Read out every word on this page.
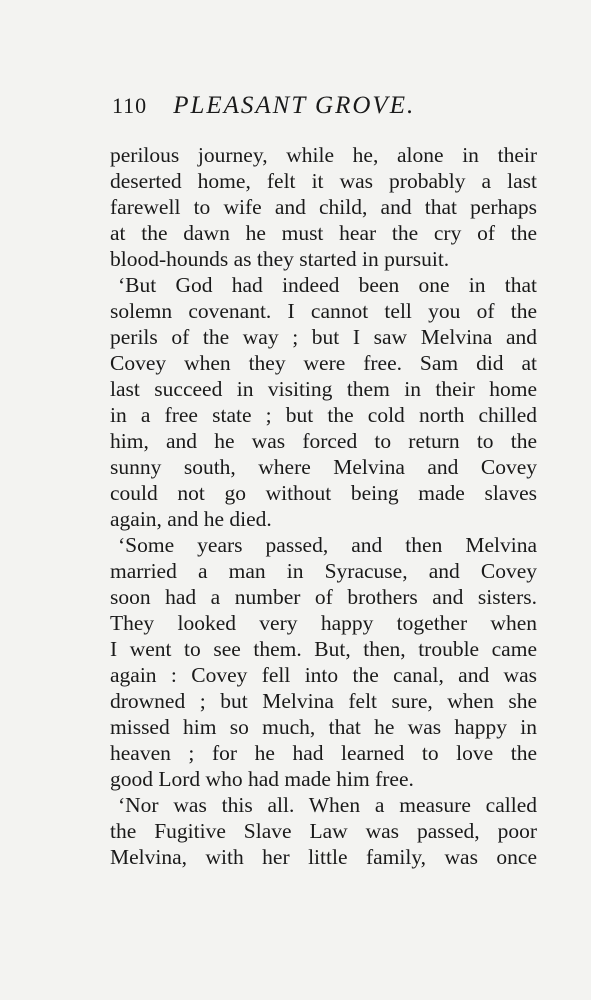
110 PLEASANT GROVE.
perilous journey, while he, alone in their
deserted home, felt it was probably a last
farewell to wife and child, and that perhaps
at the dawn he must hear the cry of the
blood-hounds as they started in pursuit.
‘But God had indeed been one in that
solemn covenant. I cannot tell you of the
perils of the way ; but I saw Melvina and
Covey when they were free. Sam did at
last succeed in visiting them in their home
in a free state ; but the cold north chilled
him, and he was forced to return to the
sunny south, where Melvina and Covey
could not go without being made slaves
again, and he died.
‘Some years passed, and then Melvina
married a man in Syracuse, and Covey
soon had a number of brothers and sisters.
They looked very happy together when
I went to see them. But, then, trouble came
again : Covey fell into the canal, and was
drowned ; but Melvina felt sure, when she
missed him so much, that he was happy in
heaven ; for he had learned to love the
good Lord who had made him free.
‘Nor was this all. When a measure called
the Fugitive Slave Law was passed, poor
Melvina, with her little family, was once
